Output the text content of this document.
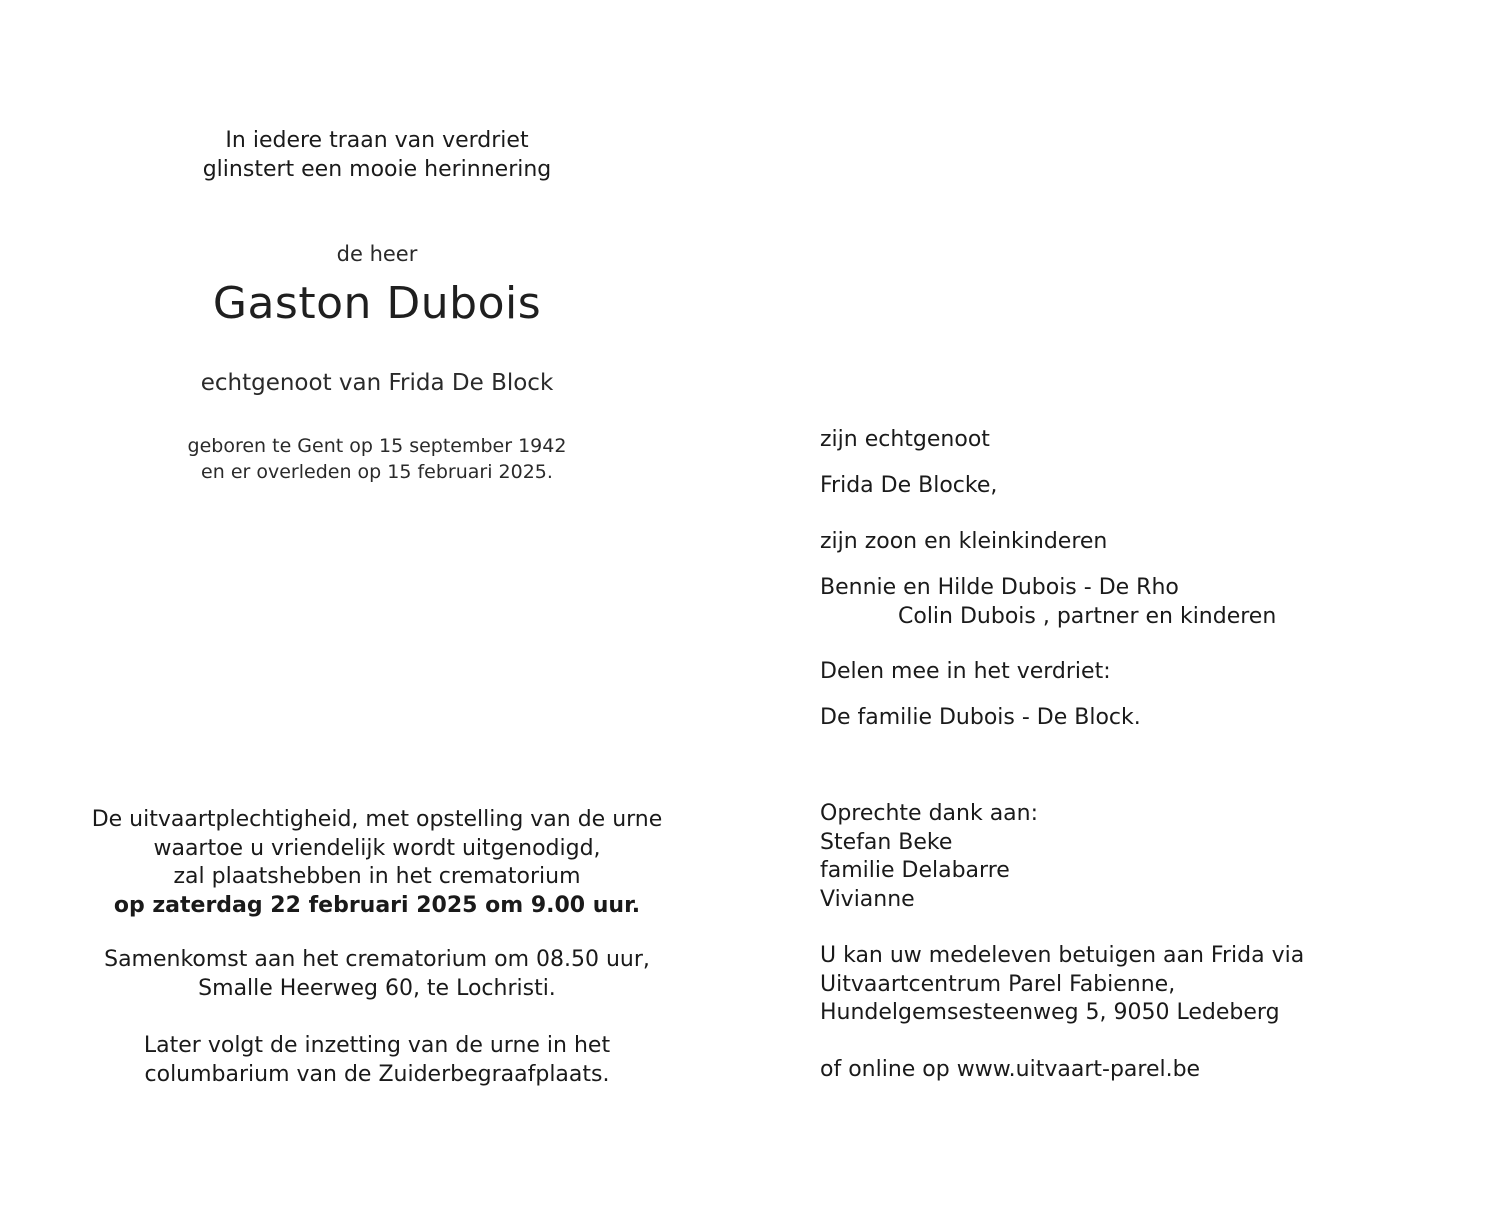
In iedere traan van verdriet
glinstert een mooie herinnering
de heer
Gaston Dubois
echtgenoot van Frida De Block
geboren te Gent op 15 september 1942
en er overleden op 15 februari 2025.
De uitvaartplechtigheid, met opstelling van de urne
waartoe u vriendelijk wordt uitgenodigd,
zal plaatshebben in het crematorium
op zaterdag 22 februari 2025 om 9.00 uur.
Samenkomst aan het crematorium om 08.50 uur,
Smalle Heerweg 60, te Lochristi.
Later volgt de inzetting van de urne in het
columbarium van de Zuiderbegraafplaats.
zijn echtgenoot
Frida De Blocke,
zijn zoon en kleinkinderen
Bennie en Hilde Dubois - De Rho
Colin Dubois , partner en kinderen
Delen mee in het verdriet:
De familie Dubois - De Block.
Oprechte dank aan:
Stefan Beke
familie Delabarre
Vivianne
U kan uw medeleven betuigen aan Frida via
Uitvaartcentrum Parel Fabienne,
Hundelgemsesteenweg 5, 9050 Ledeberg
of online op www.uitvaart-parel.be
